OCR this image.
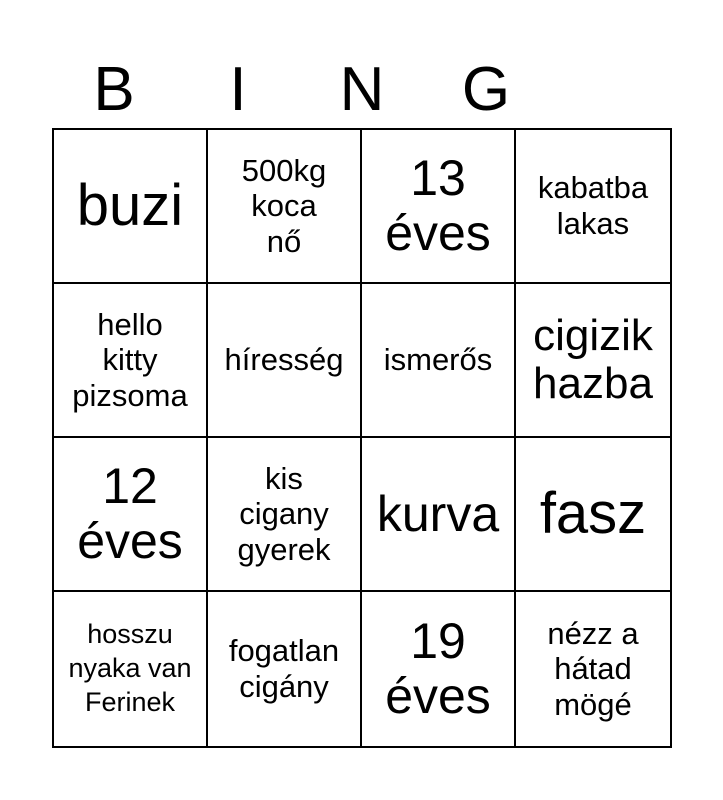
B	I	N	G
buzi
500kg
koca
nő
13
éves
kabatba
lakas
hello
kitty
pizsoma
híresség	ismerős
cigizik
hazba
12
éves
kis
cigany
gyerek
kurva fasz
hosszu
nyaka van
Ferinek
fogatlan
cigány
19
éves
nézz a
hátad
mögé
